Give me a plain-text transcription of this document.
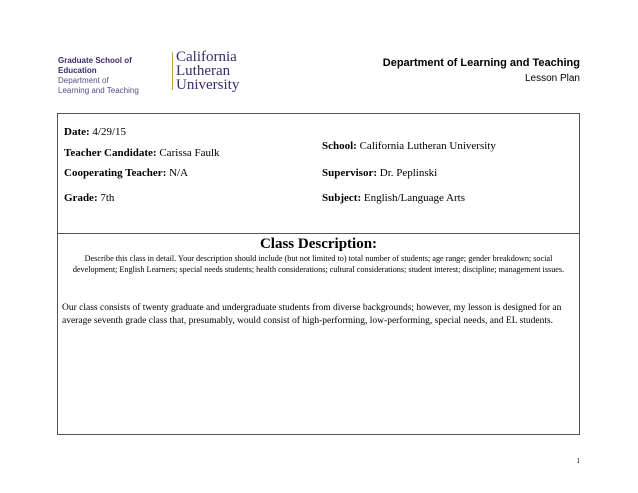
Graduate School of Education
Department of
Learning and Teaching
California
Lutheran
University
Department of Learning and Teaching
Lesson Plan
Date: 4/29/15
Teacher Candidate: Carissa Faulk
School: California Lutheran University
Cooperating Teacher: N/A	Supervisor: Dr. Peplinski
Grade: 7th	Subject: English/Language Arts
Class Description:
Describe this class in detail. Your description should include (but not limited to) total number of students; age range; gender breakdown; social development; English Learners; special needs students; health considerations; cultural considerations; student interest; discipline; management issues.
Our class consists of twenty graduate and undergraduate students from diverse backgrounds; however, my lesson is designed for an average seventh grade class that, presumably, would consist of high-performing, low-performing, special needs, and EL students.
1
